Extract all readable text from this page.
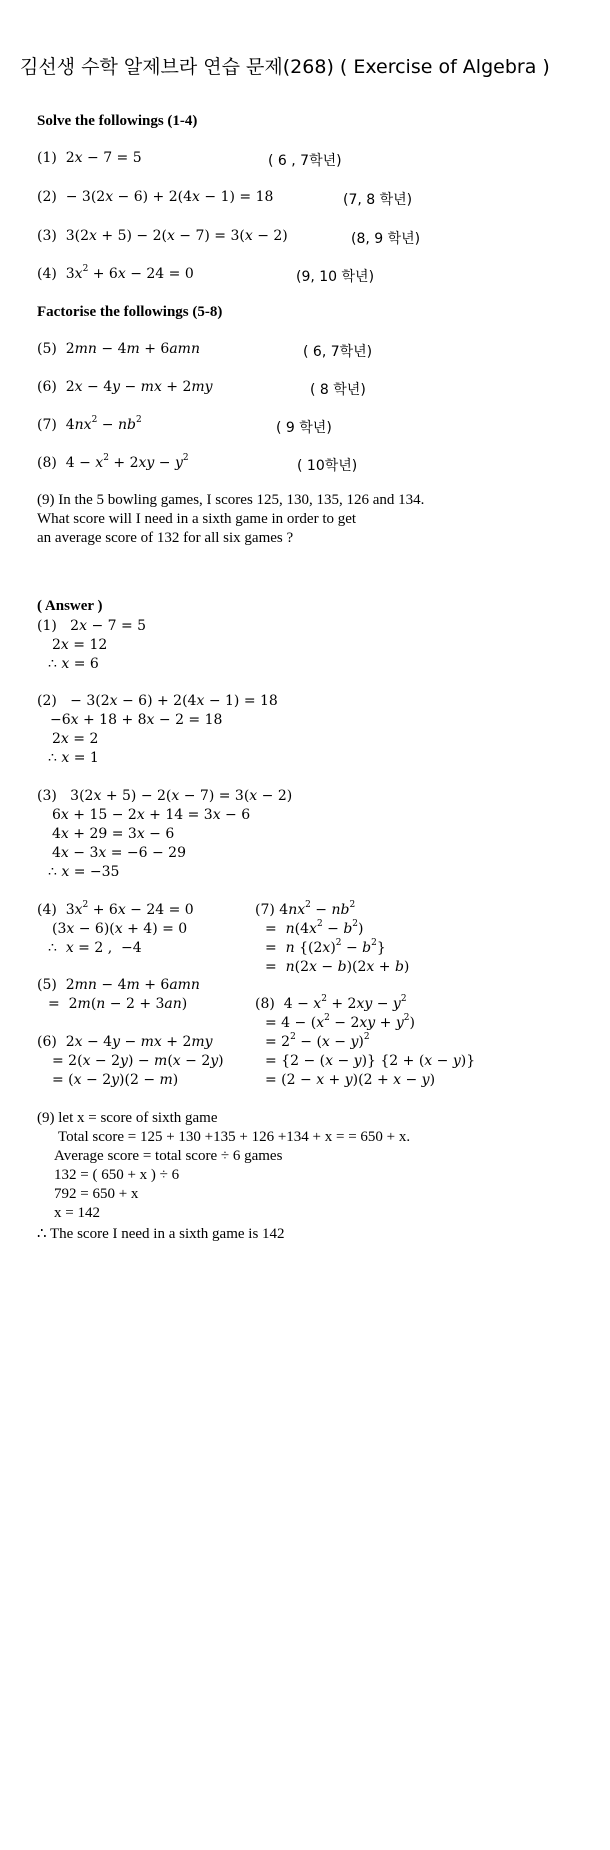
김선생 수학 알제브라 연습 문제(268) ( Exercise of Algebra )
Solve the followings (1-4)
(1)  2x − 7 = 5	( 6 , 7학년)
(2)  − 3(2x − 6) + 2(4x − 1) = 18	(7, 8 학년)
(3)  3(2x + 5) − 2(x − 7) = 3(x − 2)	(8, 9 학년)
(4)  $3x^2 + 6x - 24 = 0$	(9, 10 학년)
Factorise the followings (5-8)
(5)  2mn − 4m + 6amn	( 6, 7학년)
(6)  2x − 4y − mx + 2my	( 8 학년)
(7)  $4nx^2 - nb^2$	( 9 학년)
(8)  $4 - x^2 + 2xy - y^2$	( 10학년)
(9) In the 5 bowling games, I scores 125, 130, 135, 126 and 134.
What score will I need in a sixth game in order to get
an average score of 132 for all six games ?
( Answer )
(1)   2x − 7 = 5
2x = 12
∴ x = 6
(2)   − 3(2x − 6) + 2(4x − 1) = 18
−6x + 18 + 8x − 2 = 18
2x = 2
∴ x = 1
(3)   3(2x + 5) − 2(x − 7) = 3(x − 2)
6x + 15 − 2x + 14 = 3x − 6
4x + 29 = 3x − 6
4x − 3x = −6 − 29
∴ x = −35
(4)  $3x^2 + 6x - 24 = 0$
(3x − 6)(x + 4) = 0
∴  x = 2 ,  −4
(5)  2mn − 4m + 6amn
=  2m(n − 2 + 3an)
(6)  2x − 4y − mx + 2my
= 2(x − 2y) − m(x − 2y)
= (x − 2y)(2 − m)
(7) $4nx^2 - nb^2$
=  $n(4x^2 - b^2)$
=  n $\{(2x)^2 - b^2\}$
=  n(2x − b)(2x + b)
(8)  $4 - x^2 + 2xy - y^2$
= $4 - (x^2 - 2xy + y^2)$
= $2^2 - (x - y)^2$
= {2 − (x − y)} {2 + (x − y)}
= (2 − x + y)(2 + x − y)
(9) let x = score of sixth game
Total score = 125 + 130 +135 + 126 +134 + x = = 650 + x.
Average score = total score ÷ 6 games
132 = ( 650 + x ) ÷ 6
792 = 650 + x
x = 142
∴ The score I need in a sixth game is 142
